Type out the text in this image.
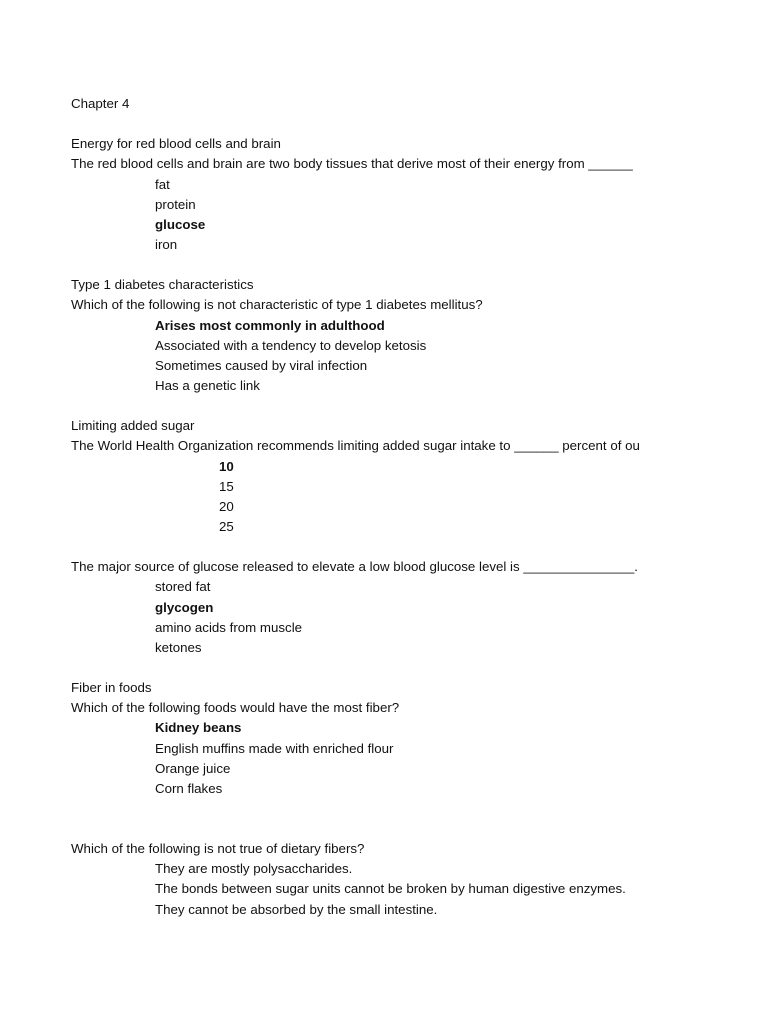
Chapter 4
Energy for red blood cells and brain
The red blood cells and brain are two body tissues that derive most of their energy from ______
fat
protein
glucose
iron
Type 1 diabetes characteristics
Which of the following is not characteristic of type 1 diabetes mellitus?
Arises most commonly in adulthood
Associated with a tendency to develop ketosis
Sometimes caused by viral infection
Has a genetic link
Limiting added sugar
The World Health Organization recommends limiting added sugar intake to ______ percent of ou
10
15
20
25
The major source of glucose released to elevate a low blood glucose level is _______________.
stored fat
glycogen
amino acids from muscle
ketones
Fiber in foods
Which of the following foods would have the most fiber?
Kidney beans
English muffins made with enriched flour
Orange juice
Corn flakes
Which of the following is not true of dietary fibers?
They are mostly polysaccharides.
The bonds between sugar units cannot be broken by human digestive enzymes.
They cannot be absorbed by the small intestine.
